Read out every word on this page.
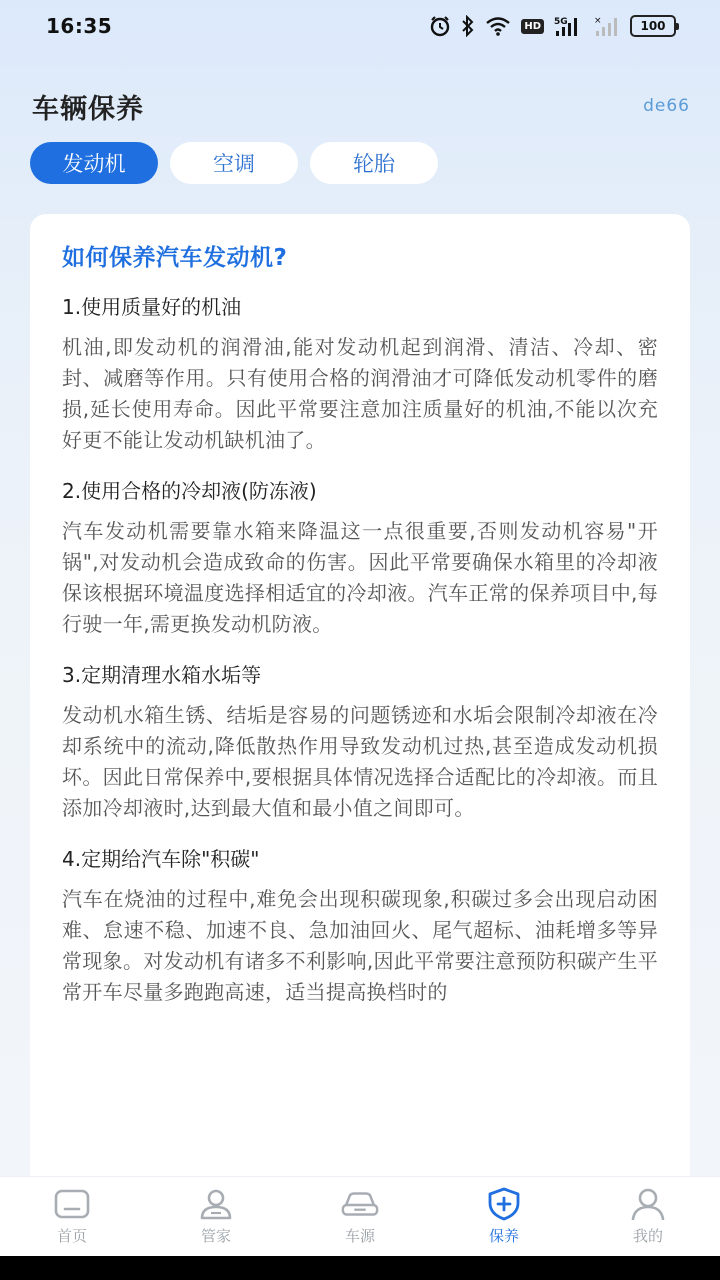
16:35	HD	5G	×	100
车辆保养	de66
发动机	空调	轮胎
如何保养汽车发动机?
1.使用质量好的机油

机油,即发动机的润滑油,能对发动机起到润滑、清洁、冷却、密封、减磨等作用。只有使用合格的润滑油才可降低发动机零件的磨损,延长使用寿命。因此平常要注意加注质量好的机油,不能以次充好更不能让发动机缺机油了。

2.使用合格的冷却液(防冻液)

汽车发动机需要靠水箱来降温这一点很重要,否则发动机容易"开锅",对发动机会造成致命的伤害。因此平常要确保水箱里的冷却液保该根据环境温度选择相适宜的冷却液。汽车正常的保养项目中,每行驶一年,需更换发动机防液。

3.定期清理水箱水垢等

发动机水箱生锈、结垢是容易的问题锈迹和水垢会限制冷却液在冷却系统中的流动,降低散热作用导致发动机过热,甚至造成发动机损坏。因此日常保养中,要根据具体情况选择合适配比的冷却液。而且添加冷却液时,达到最大值和最小值之间即可。

4.定期给汽车除"积碳"

汽车在烧油的过程中,难免会出现积碳现象,积碳过多会出现启动困难、怠速不稳、加速不良、急加油回火、尾气超标、油耗增多等异常现象。对发动机有诸多不利影响,因此平常要注意预防积碳产生平常开车尽量多跑跑高速，适当提高换档时的

首页	管家	车源	保养	我的
